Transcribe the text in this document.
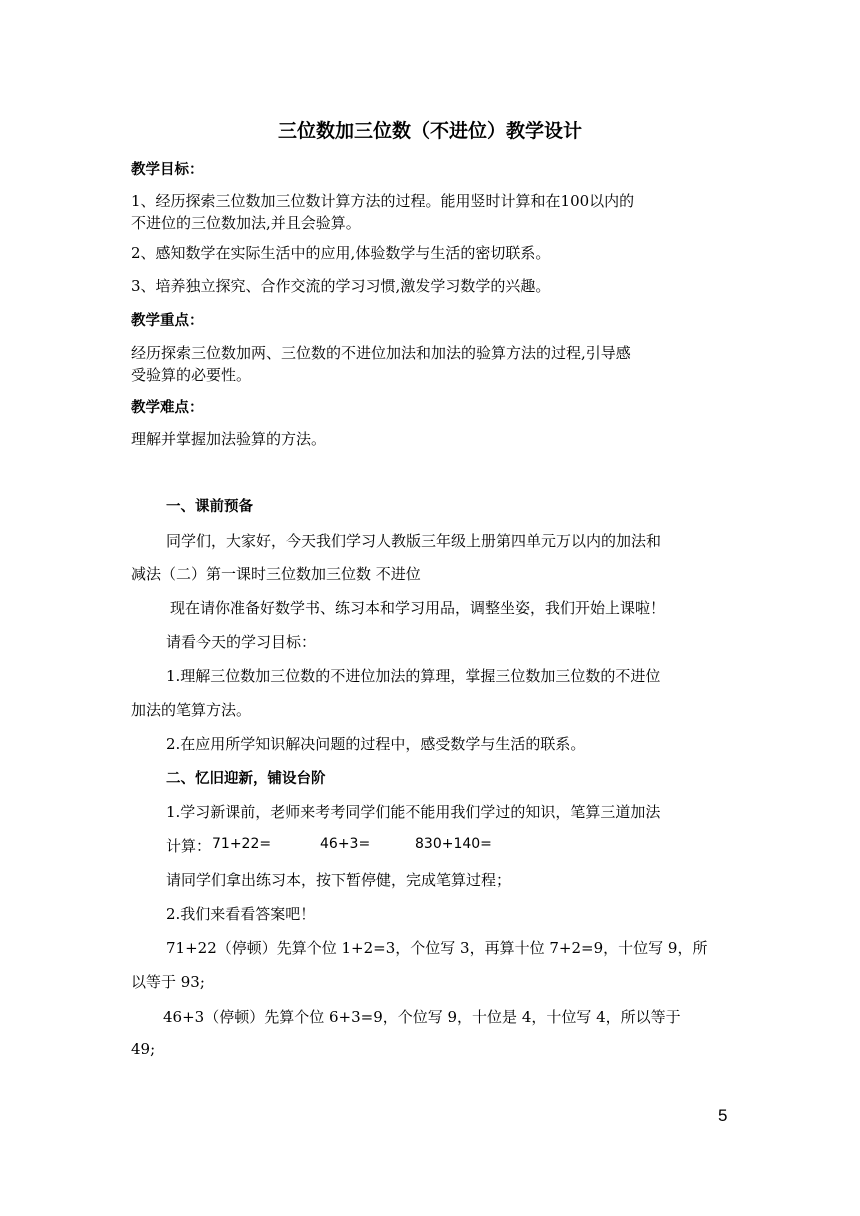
三位数加三位数（不进位）教学设计
教学目标：
1、经历探索三位数加三位数计算方法的过程。能用竖时计算和在100以内的
不进位的三位数加法,并且会验算。
2、感知数学在实际生活中的应用,体验数学与生活的密切联系。
3、培养独立探究、合作交流的学习习惯,激发学习数学的兴趣。
教学重点：
经历探索三位数加两、三位数的不进位加法和加法的验算方法的过程,引导感
受验算的必要性。
教学难点：
理解并掌握加法验算的方法。
一、课前预备
同学们，大家好，今天我们学习人教版三年级上册第四单元万以内的加法和
减法（二）第一课时三位数加三位数 不进位
现在请你准备好数学书、练习本和学习用品，调整坐姿，我们开始上课啦！
请看今天的学习目标：
1.理解三位数加三位数的不进位加法的算理，掌握三位数加三位数的不进位
加法的笔算方法。
2.在应用所学知识解决问题的过程中，感受数学与生活的联系。
二、忆旧迎新，铺设台阶
1.学习新课前，老师来考考同学们能不能用我们学过的知识，笔算三道加法
计算： 71+22=	46+3=	830+140=
请同学们拿出练习本，按下暂停健，完成笔算过程；
2.我们来看看答案吧！
71+22（停顿）先算个位 1+2=3，个位写 3，再算十位 7+2=9，十位写 9，所
以等于 93;
46+3（停顿）先算个位 6+3=9，个位写 9，十位是 4，十位写 4，所以等于
49;
5
